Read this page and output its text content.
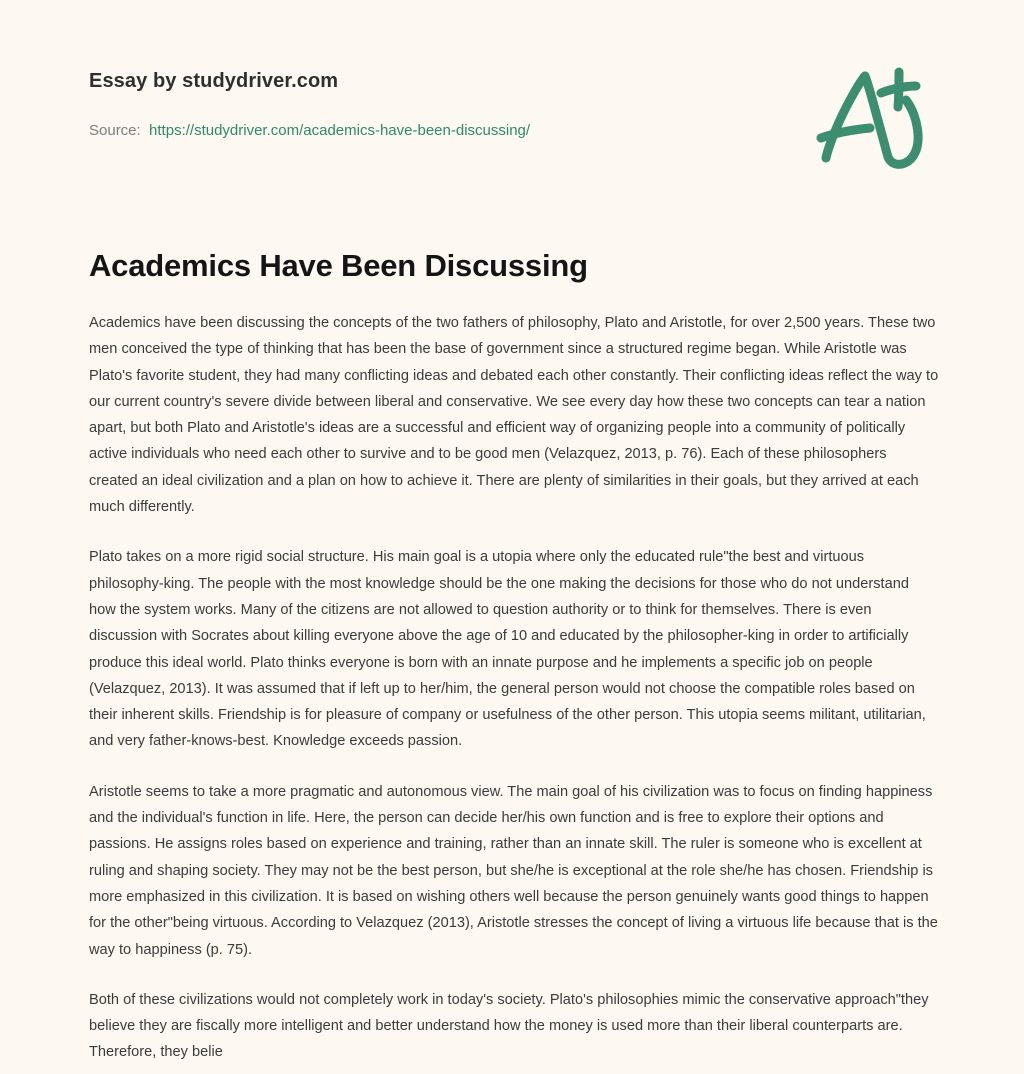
Essay by studydriver.com
Source: https://studydriver.com/academics-have-been-discussing/
Academics Have Been Discussing

Academics have been discussing the concepts of the two fathers of philosophy, Plato and Aristotle, for over 2,500 years. These two men conceived the type of thinking that has been the base of government since a structured regime began. While Aristotle was Plato's favorite student, they had many conflicting ideas and debated each other constantly. Their conflicting ideas reflect the way to our current country's severe divide between liberal and conservative. We see every day how these two concepts can tear a nation apart, but both Plato and Aristotle's ideas are a successful and efficient way of organizing people into a community of politically active individuals who need each other to survive and to be good men (Velazquez, 2013, p. 76). Each of these philosophers created an ideal civilization and a plan on how to achieve it. There are plenty of similarities in their goals, but they arrived at each much differently.

Plato takes on a more rigid social structure. His main goal is a utopia where only the educated rule"the best and virtuous philosophy-king. The people with the most knowledge should be the one making the decisions for those who do not understand how the system works. Many of the citizens are not allowed to question authority or to think for themselves. There is even discussion with Socrates about killing everyone above the age of 10 and educated by the philosopher-king in order to artificially produce this ideal world. Plato thinks everyone is born with an innate purpose and he implements a specific job on people (Velazquez, 2013). It was assumed that if left up to her/him, the general person would not choose the compatible roles based on their inherent skills. Friendship is for pleasure of company or usefulness of the other person. This utopia seems militant, utilitarian, and very father-knows-best. Knowledge exceeds passion.

Aristotle seems to take a more pragmatic and autonomous view. The main goal of his civilization was to focus on finding happiness and the individual's function in life. Here, the person can decide her/his own function and is free to explore their options and passions. He assigns roles based on experience and training, rather than an innate skill. The ruler is someone who is excellent at ruling and shaping society. They may not be the best person, but she/he is exceptional at the role she/he has chosen. Friendship is more emphasized in this civilization. It is based on wishing others well because the person genuinely wants good things to happen for the other"being virtuous. According to Velazquez (2013), Aristotle stresses the concept of living a virtuous life because that is the way to happiness (p. 75).

Both of these civilizations would not completely work in today's society. Plato's philosophies mimic the conservative approach"they believe they are fiscally more intelligent and better understand how the money is used more than their liberal counterparts are. Therefore, they belie
